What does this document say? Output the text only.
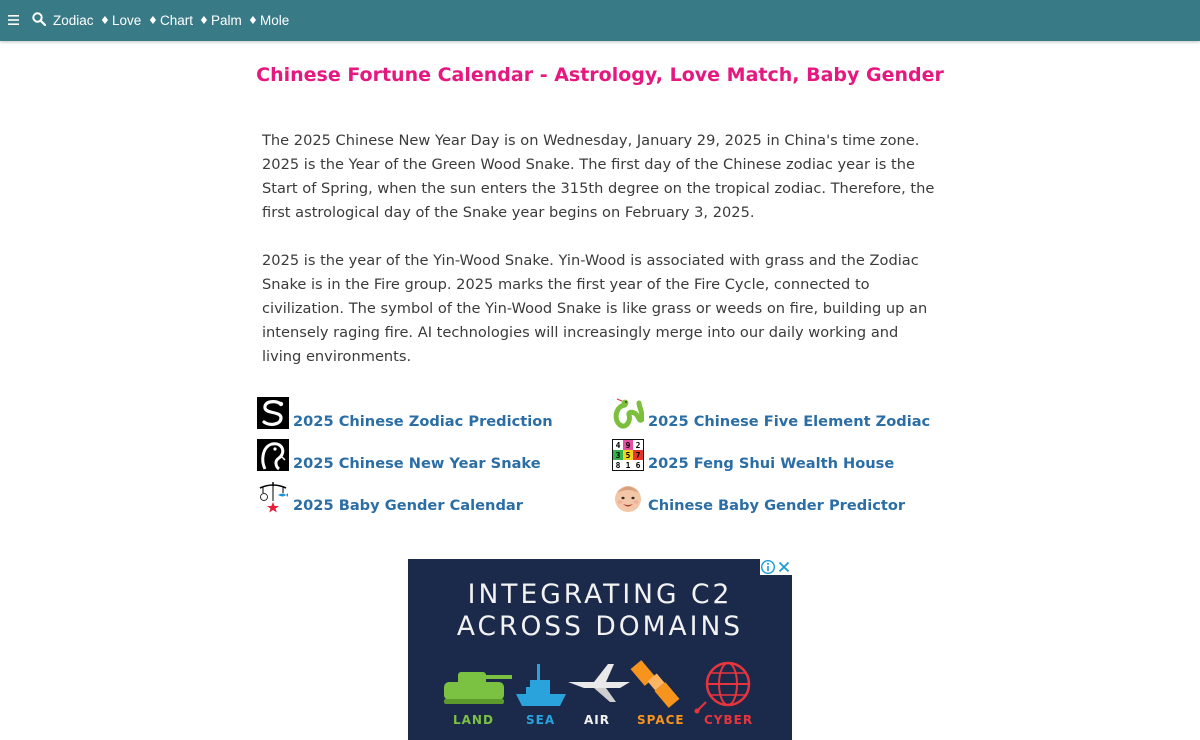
Zodiac ♦ Love ♦ Chart ♦ Palm ♦ Mole
Chinese Fortune Calendar - Astrology, Love Match, Baby Gender

The 2025 Chinese New Year Day is on Wednesday, January 29, 2025 in China's time zone. 2025 is the Year of the Green Wood Snake. The first day of the Chinese zodiac year is the Start of Spring, when the sun enters the 315th degree on the tropical zodiac. Therefore, the first astrological day of the Snake year begins on February 3, 2025.

2025 is the year of the Yin-Wood Snake. Yin-Wood is associated with grass and the Zodiac Snake is in the Fire group. 2025 marks the first year of the Fire Cycle, connected to civilization. The symbol of the Yin-Wood Snake is like grass or weeds on fire, building up an intensely raging fire. AI technologies will increasingly merge into our daily working and living environments.

2025 Chinese Zodiac Prediction	2025 Chinese Five Element Zodiac
2025 Chinese New Year Snake
4 9 2
3 5 7
8 1 6 2025 Feng Shui Wealth House
2025 Baby Gender Calendar	Chinese Baby Gender Predictor
INTEGRATING C2
ACROSS DOMAINS
LAND	SEA AIR SPACE CYBER
